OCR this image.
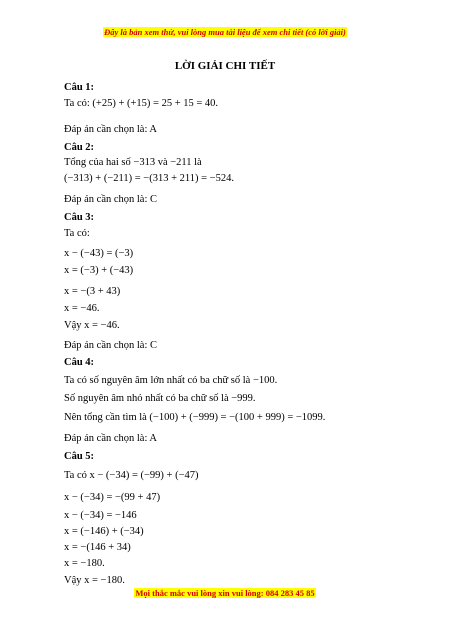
Đây là bản xem thử, vui lòng mua tài liệu để xem chi tiết (có lời giải)
LỜI GIẢI CHI TIẾT
Câu 1:
Ta có: (+25) + (+15) = 25 + 15 = 40.
Đáp án cần chọn là: A
Câu 2:
Tổng của hai số −313 và −211 là
(−313) + (−211) = −(313 + 211) = −524.
Đáp án cần chọn là: C
Câu 3:
Ta có:
x − (−43) = (−3)
x = (−3) + (−43)
x = −(3 + 43)
x = −46.
Vậy x = −46.
Đáp án cần chọn là: C
Câu 4:
Ta có số nguyên âm lớn nhất có ba chữ số là −100.
Số nguyên âm nhỏ nhất có ba chữ số là −999.
Nên tổng cần tìm là (−100) + (−999) = −(100 + 999) = −1099.
Đáp án cần chọn là: A
Câu 5:
Ta có x − (−34) = (−99) + (−47)
x − (−34) = −(99 + 47)
x − (−34) = −146
x = (−146) + (−34)
x = −(146 + 34)
x = −180.
Vậy x = −180.
Mọi thắc mắc vui lòng xin vui lòng: 084 283 45 85
